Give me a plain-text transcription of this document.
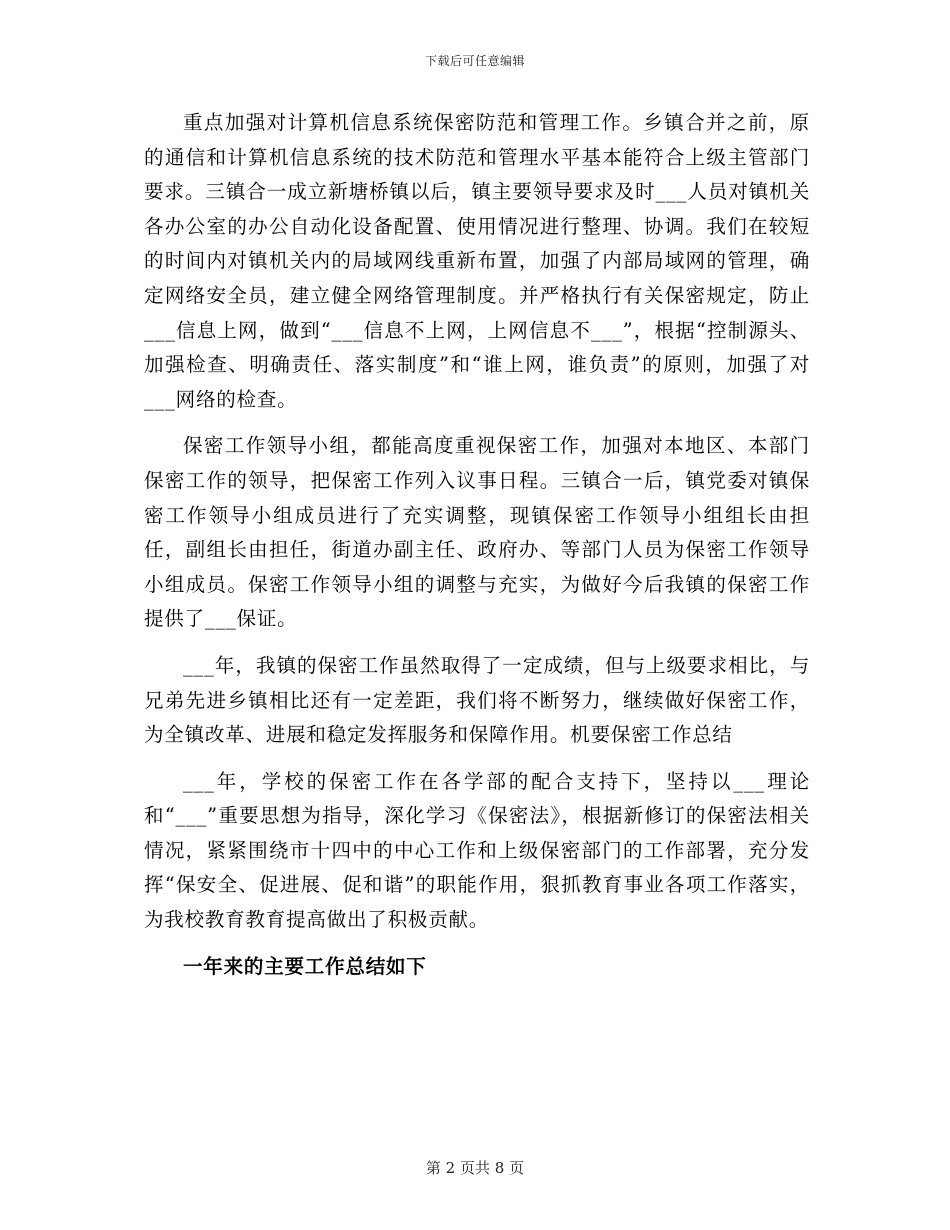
下载后可任意编辑

重点加强对计算机信息系统保密防范和管理工作。乡镇合并之前，原的通信和计算机信息系统的技术防范和管理水平基本能符合上级主管部门要求。三镇合一成立新塘桥镇以后，镇主要领导要求及时___人员对镇机关各办公室的办公自动化设备配置、使用情况进行整理、协调。我们在较短的时间内对镇机关内的局域网线重新布置，加强了内部局域网的管理，确定网络安全员，建立健全网络管理制度。并严格执行有关保密规定，防止___信息上网，做到“___信息不上网，上网信息不___”，根据“控制源头、加强检查、明确责任、落实制度”和“谁上网，谁负责”的原则，加强了对___网络的检查。

保密工作领导小组，都能高度重视保密工作，加强对本地区、本部门保密工作的领导，把保密工作列入议事日程。三镇合一后，镇党委对镇保密工作领导小组成员进行了充实调整，现镇保密工作领导小组组长由担任，副组长由担任，街道办副主任、政府办、等部门人员为保密工作领导小组成员。保密工作领导小组的调整与充实，为做好今后我镇的保密工作提供了___保证。

___年，我镇的保密工作虽然取得了一定成绩，但与上级要求相比，与兄弟先进乡镇相比还有一定差距，我们将不断努力，继续做好保密工作，为全镇改革、进展和稳定发挥服务和保障作用。机要保密工作总结

___年，学校的保密工作在各学部的配合支持下，坚持以___理论和“___”重要思想为指导，深化学习《保密法》，根据新修订的保密法相关情况，紧紧围绕市十四中的中心工作和上级保密部门的工作部署，充分发挥“保安全、促进展、促和谐”的职能作用，狠抓教育事业各项工作落实，为我校教育教育提高做出了积极贡献。

一年来的主要工作总结如下

第 2 页共 8 页
